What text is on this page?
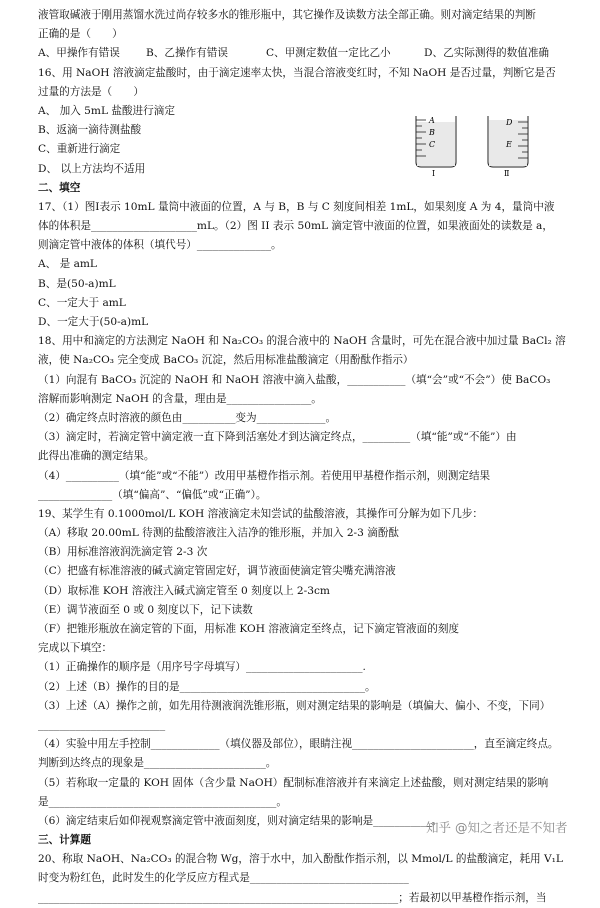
液管取碱液于刚用蒸馏水洗过尚存较多水的锥形瓶中，其它操作及读数方法全部正确。则对滴定结果的判断
正确的是（　　）
A、甲操作有错误	B、乙操作有错误	C、甲测定数值一定比乙小	D、乙实际测得的数值准确
16、用 NaOH 溶液滴定盐酸时，由于滴定速率太快，当混合溶液变红时，不知 NaOH 是否过量，判断它是否
过量的方法是（　　）
A、 加入 5mL 盐酸进行滴定
B、返滴一滴待测盐酸
C、重新进行滴定
D、 以上方法均不适用
二、填空
17、（1）图Ⅰ表示 10mL 量筒中液面的位置，A 与 B，B 与 C 刻度间相差 1mL，如果刻度 A 为 4，量筒中液
体的体积是____________________mL。（2）图 II 表示 50mL 滴定管中液面的位置，如果液面处的读数是 a，
则滴定管中液体的体积（填代号）______________。
A、 是 amL
B、是(50-a)mL
C、一定大于 amL
D、一定大于(50-a)mL
18、用中和滴定的方法测定 NaOH 和 Na₂CO₃ 的混合液中的 NaOH 含量时，可先在混合液中加过量 BaCl₂ 溶
液，使 Na₂CO₃ 完全变成 BaCO₃ 沉淀，然后用标准盐酸滴定（用酚酞作指示）
（1）向混有 BaCO₃ 沉淀的 NaOH 和 NaOH 溶液中滴入盐酸，___________（填“会”或“不会”）使 BaCO₃
溶解而影响测定 NaOH 的含量，理由是________________。
（2）确定终点时溶液的颜色由__________变为_____________。
（3）滴定时，若滴定管中滴定液一直下降到活塞处才到达滴定终点，_________（填“能”或“不能”）由
此得出准确的测定结果。
（4）__________（填“能”或“不能”）改用甲基橙作指示剂。若使用甲基橙作指示剂，则测定结果
______________（填“偏高”、“偏低”或“正确”）。
19、某学生有 0.1000mol/L KOH 溶液滴定未知尝试的盐酸溶液，其操作可分解为如下几步：
（A）移取 20.00mL 待测的盐酸溶液注入洁净的锥形瓶，并加入 2-3 滴酚酞
（B）用标准溶液润洗滴定管 2-3 次
（C）把盛有标准溶液的碱式滴定管固定好，调节液面使滴定管尖嘴充满溶液
（D）取标准 KOH 溶液注入碱式滴定管至 0 刻度以上 2-3cm
（E）调节液面至 0 或 0 刻度以下，记下读数
（F）把锥形瓶放在滴定管的下面，用标准 KOH 溶液滴定至终点，记下滴定管液面的刻度
完成以下填空：
（1）正确操作的顺序是（用序号字母填写）______________________.
（2）上述（B）操作的目的是___________________________________。
（3）上述（A）操作之前，如先用待测液润洗锥形瓶，则对测定结果的影响是（填偏大、偏小、不变，下同）
________________________
（4）实验中用左手控制_____________（填仪器及部位），眼睛注视_______________________，直至滴定终点。
判断到达终点的现象是_______________________。
（5）若称取一定量的 KOH 固体（含少量 NaOH）配制标准溶液并有来滴定上述盐酸，则对测定结果的影响
是___________________________________________。
（6）滴定结束后如仰视观察滴定管中液面刻度，则对滴定结果的影响是___________。
三、计算题
20、称取 NaOH、Na₂CO₃ 的混合物 Wg，溶于水中，加入酚酞作指示剂，以 Mmol/L 的盐酸滴定，耗用 V₁L
时变为粉红色，此时发生的化学反应方程式是______________________________
____________________________________________________________________；若最初以甲基橙作指示剂，当
A
B
C
Ⅰ
D
E
Ⅱ
知乎 @知之者还是不知者
